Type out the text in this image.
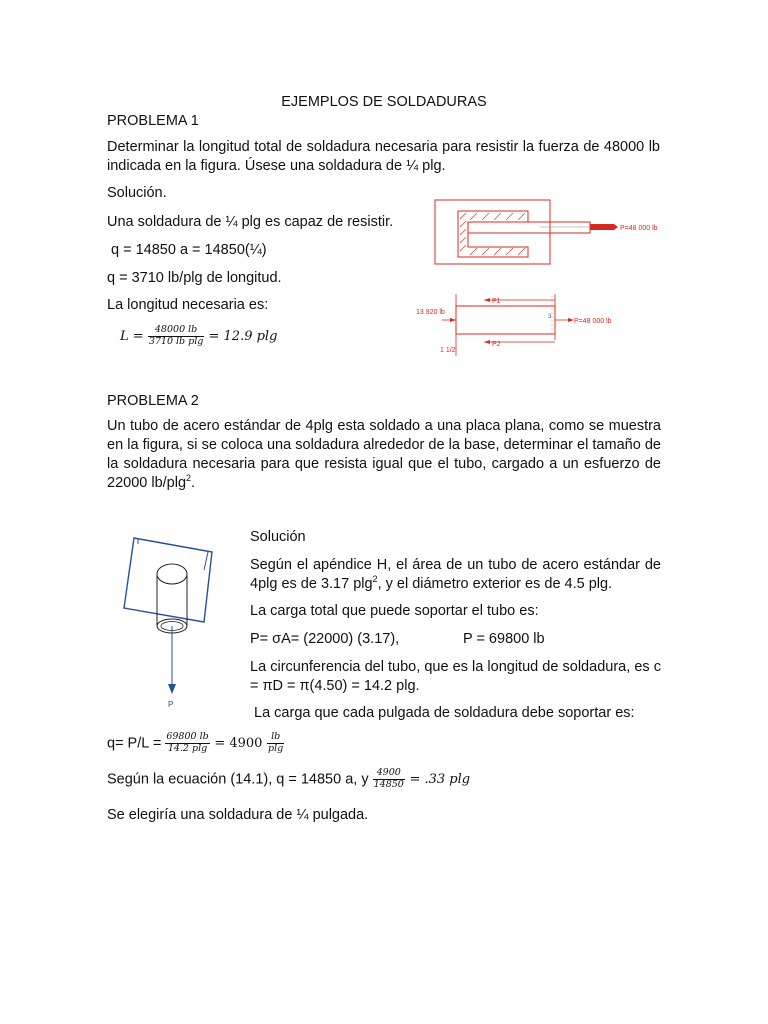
EJEMPLOS DE SOLDADURAS
PROBLEMA 1
Determinar la longitud total de soldadura necesaria para resistir la fuerza de 48000 lb indicada en la figura. Úsese una soldadura de ¼ plg.
Solución.
Una soldadura de ¼ plg es capaz de resistir.
q = 14850 a = 14850(¼)
q = 3710 lb/plg de longitud.
La longitud necesaria es:
$L = \frac{48000 lb}{\text{3710 lb plg}} = 12.9$ plg
P=48 000 lb
P1
P2
13 920 lb
P=48 000 lb
3
1 1/2
PROBLEMA 2
Un tubo de acero estándar de 4plg esta soldado a una placa plana, como se muestra en la figura, si se coloca una soldadura alrededor de la base, determinar el tamaño de la soldadura necesaria para que resista igual que el tubo, cargado a un esfuerzo de 22000 lb/plg$^2$.
P
Solución
Según el apéndice H, el área de un tubo de acero estándar de 4plg es de 3.17 plg$^2$, y el diámetro exterior es de 4.5 plg.
La carga total que puede soportar el tubo es:
P= σA= (22000) (3.17),	P = 69800 lb
La circunferencia del tubo, que es la longitud de soldadura, es c = πD = π(4.50) = 14.2 plg.
La carga que cada pulgada de soldadura debe soportar es:
$q= P/L = \frac{69800 lb}{14.2 plg} = 4900 \frac{lb}{plg}$
Según la ecuación (14.1), q = 14850 a, y $\frac{4900}{14850} = .33$ plg
Se elegiría una soldadura de ¼ pulgada.
